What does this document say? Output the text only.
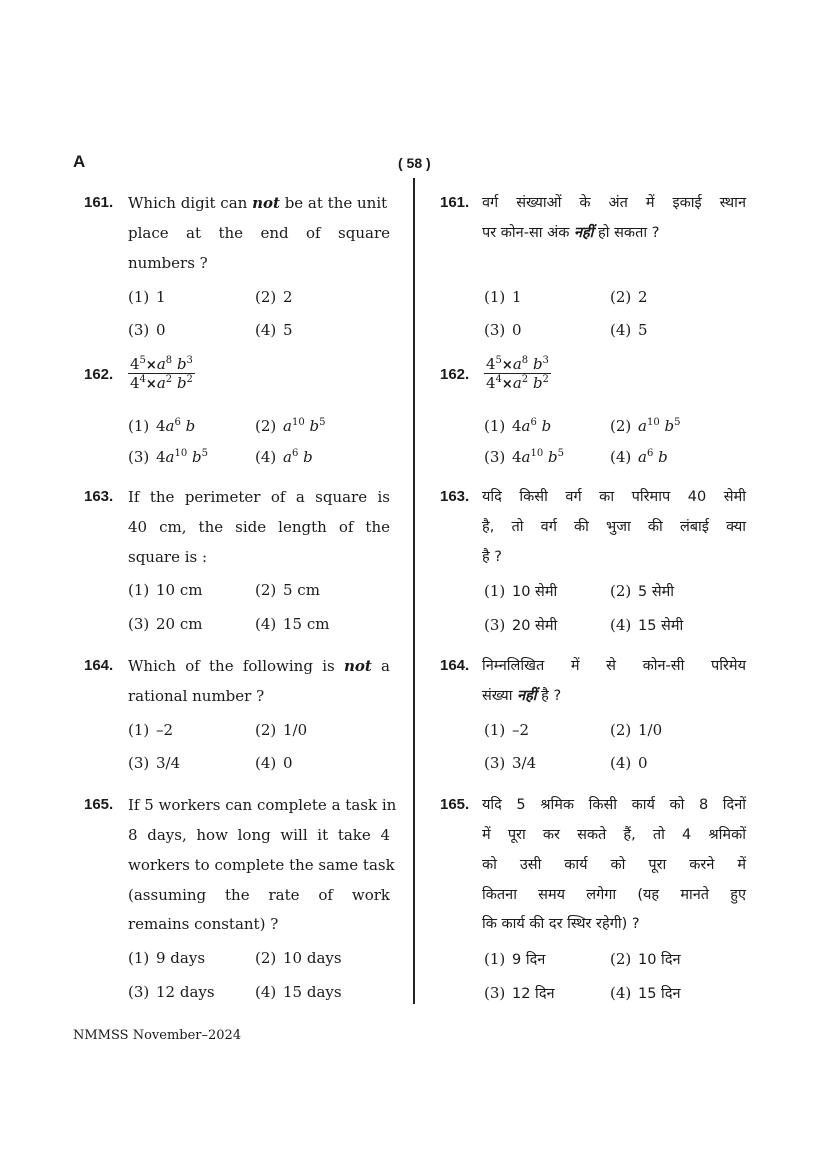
A	( 58 )
161. Which digit can not be at the unit
place at the end of square
numbers ?
(1) 1	(2) 2
(3) 0	(4) 5
162.
$4^5\times a^8$ $b^3$
$4^4\times a^2$ $b^2$
(1) $4a^6$ b	(2) $a^{10}$ $b^5$
(3) $4a^{10}$ $b^5$	(4) $a^6$ b
163. If the perimeter of a square is
40 cm, the side length of the
square is :
(1) 10 cm	(2) 5 cm
(3) 20 cm	(4) 15 cm
164. Which of the following is not a
rational number ?
(1) –2	(2) 1/0
(3) 3/4	(4) 0
165. If 5 workers can complete a task in
8 days, how long will it take 4
workers to complete the same task
(assuming the rate of work
remains constant) ?
(1) 9 days	(2) 10 days
(3) 12 days	(4) 15 days
161. वर्ग संख्याओं के अंत में इकाई स्थान
पर कोन-सा अंक नहीं हो सकता ?
(1) 1	(2) 2
(3) 0	(4) 5
162.
$4^5\times a^8$ $b^3$
$4^4\times a^2$ $b^2$
(1) $4a^6$ b	(2) $a^{10}$ $b^5$
(3) $4a^{10}$ $b^5$	(4) $a^6$ b
163. यदि किसी वर्ग का परिमाप 40 सेमी
है, तो वर्ग की भुजा की लंबाई क्या
है ?
(1) 10 सेमी	(2) 5 सेमी
(3) 20 सेमी	(4) 15 सेमी
164. निम्नलिखित में से कोन-सी परिमेय
संख्या नहीं है ?
(1) –2	(2) 1/0
(3) 3/4	(4) 0
165. यदि 5 श्रमिक किसी कार्य को 8 दिनों
में पूरा कर सकते हैं, तो 4 श्रमिकों
को उसी कार्य को पूरा करने में
कितना समय लगेगा (यह मानते हुए
कि कार्य की दर स्थिर रहेगी) ?
(1) 9 दिन	(2) 10 दिन
(3) 12 दिन	(4) 15 दिन
NMMSS November–2024
